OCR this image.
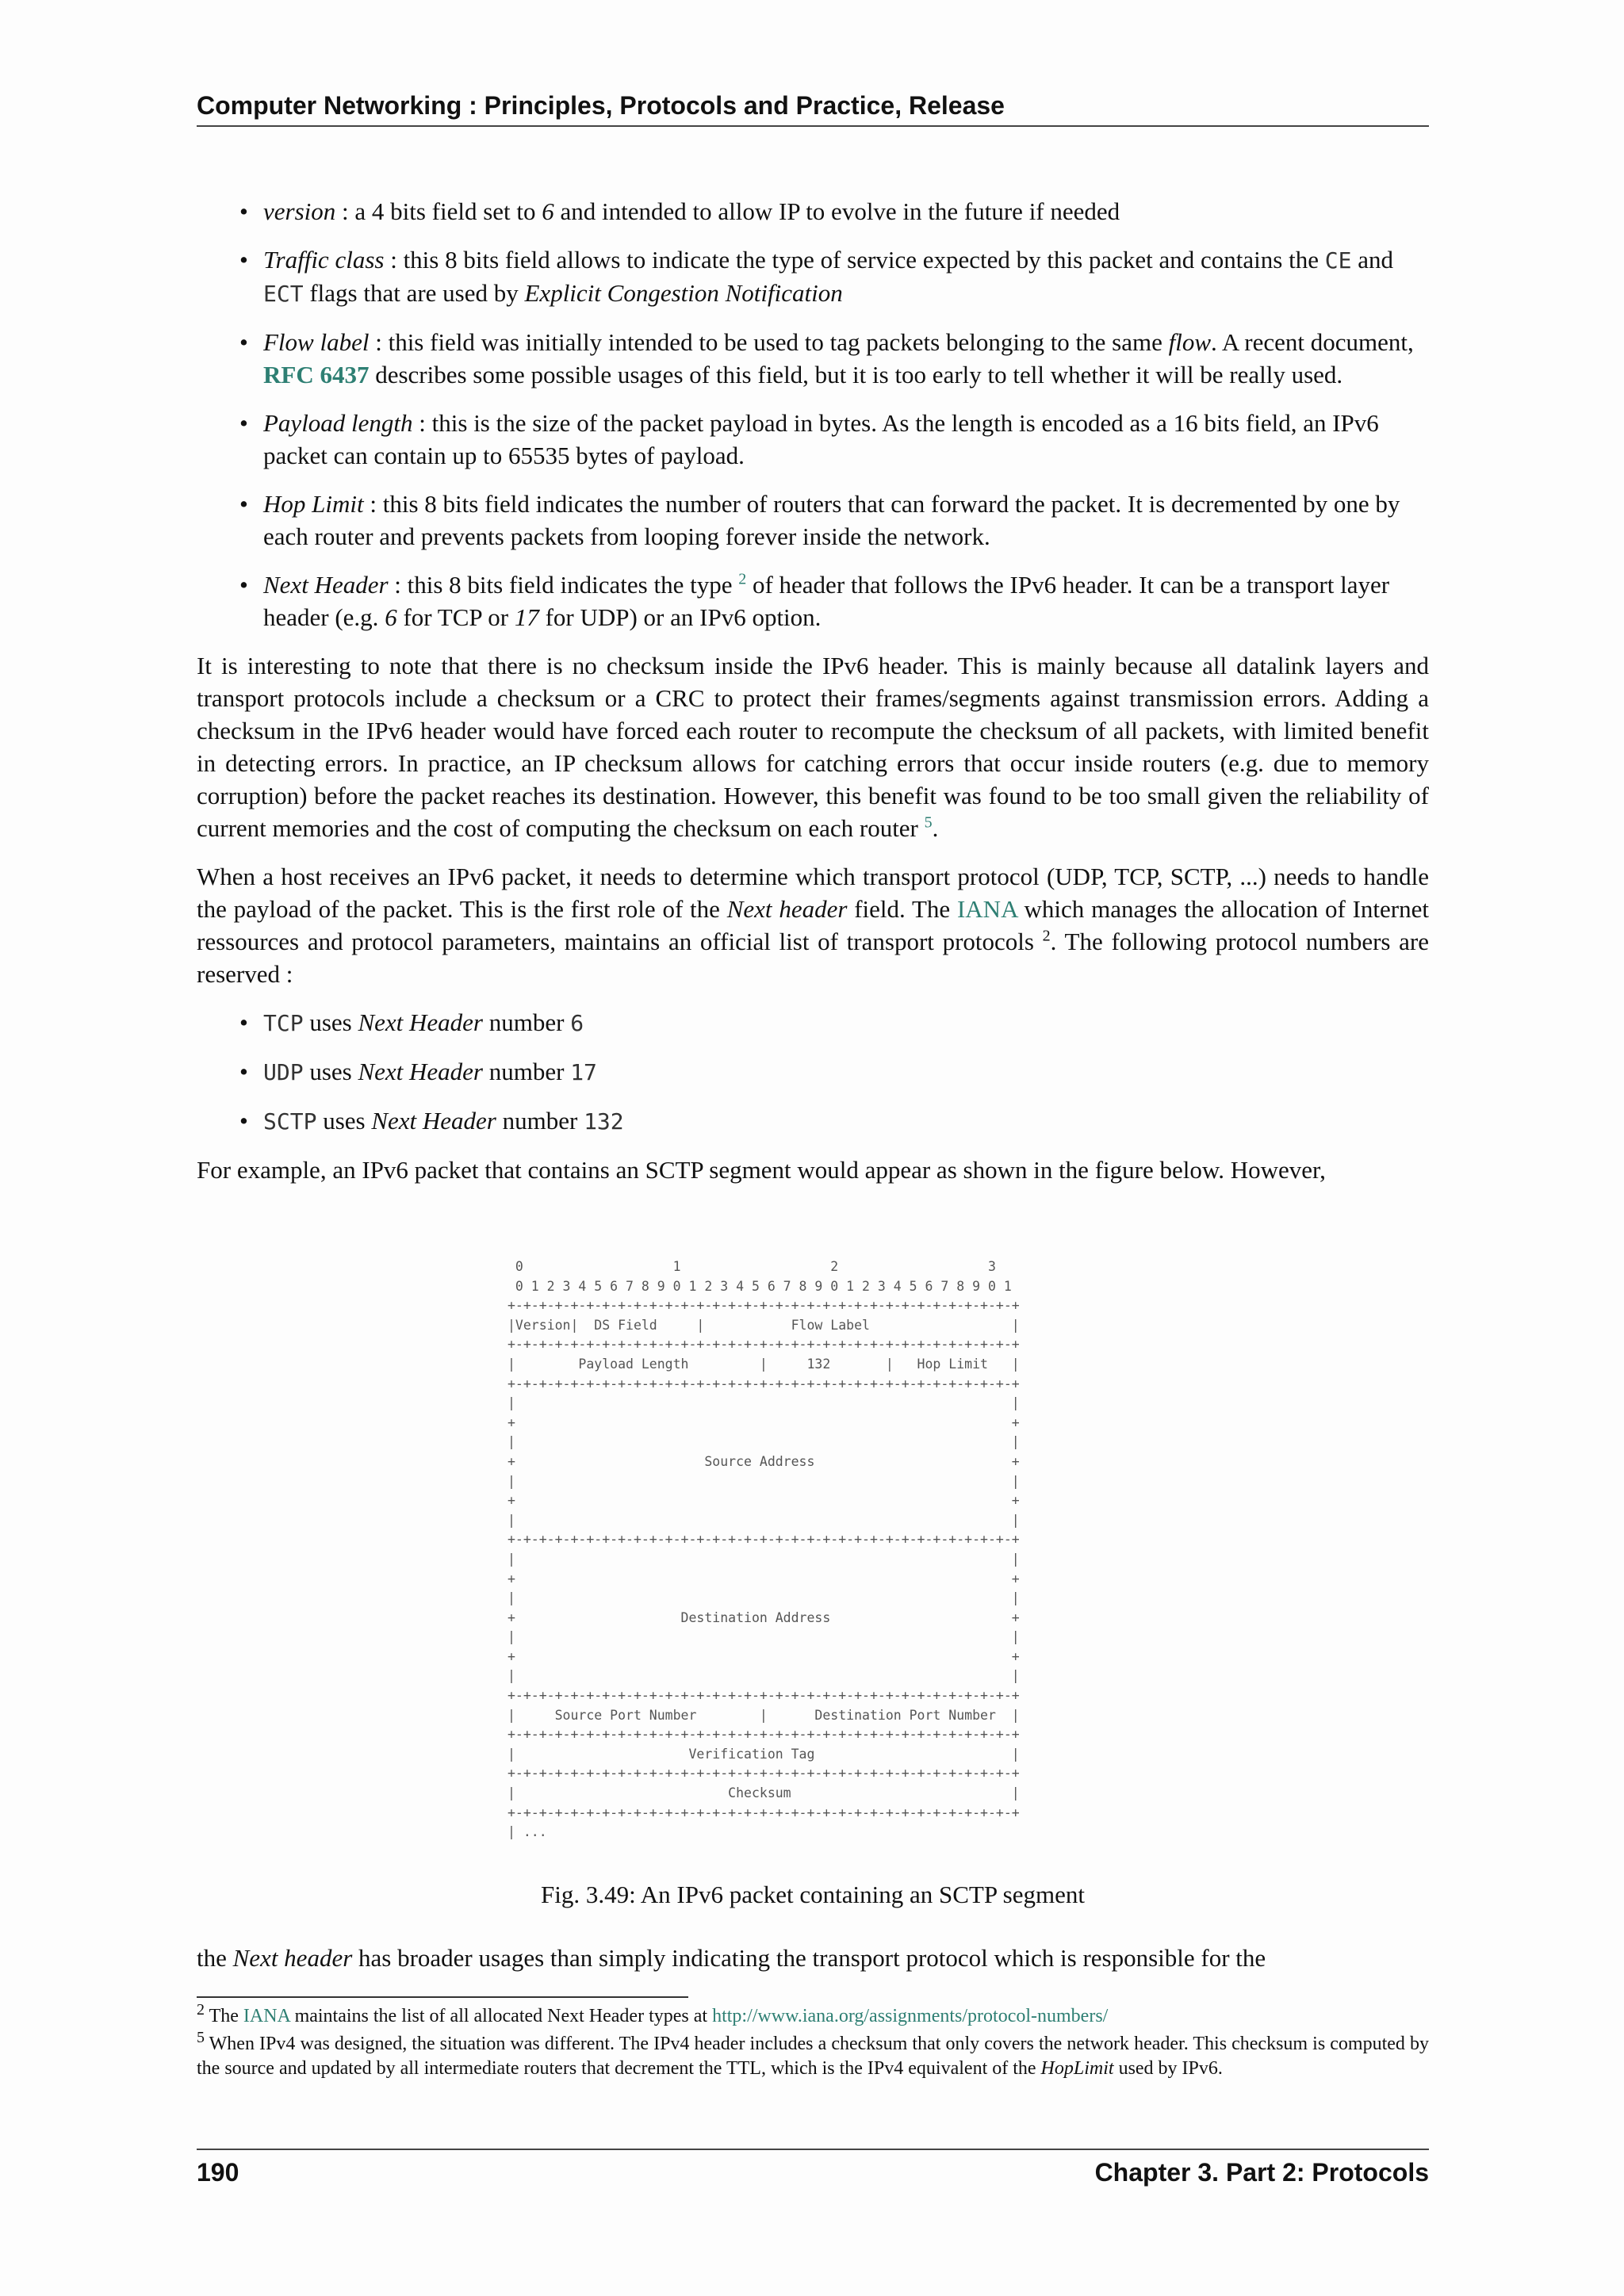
Computer Networking : Principles, Protocols and Practice, Release
• version : a 4 bits field set to 6 and intended to allow IP to evolve in the future if needed
• Traffic class : this 8 bits field allows to indicate the type of service expected by this packet and contains the CE and ECT flags that are used by Explicit Congestion Notification
• Flow label : this field was initially intended to be used to tag packets belonging to the same flow. A recent document, RFC 6437 describes some possible usages of this field, but it is too early to tell whether it will be really used.
• Payload length : this is the size of the packet payload in bytes. As the length is encoded as a 16 bits field, an IPv6 packet can contain up to 65535 bytes of payload.
• Hop Limit : this 8 bits field indicates the number of routers that can forward the packet. It is decremented by one by each router and prevents packets from looping forever inside the network.
• Next Header : this 8 bits field indicates the type $^2$ of header that follows the IPv6 header. It can be a transport layer header (e.g. 6 for TCP or 17 for UDP) or an IPv6 option.

It is interesting to note that there is no checksum inside the IPv6 header. This is mainly because all datalink layers and transport protocols include a checksum or a CRC to protect their frames/segments against transmission errors. Adding a checksum in the IPv6 header would have forced each router to recompute the checksum of all packets, with limited benefit in detecting errors. In practice, an IP checksum allows for catching errors that occur inside routers (e.g. due to memory corruption) before the packet reaches its destination. However, this benefit was found to be too small given the reliability of current memories and the cost of computing the checksum on each router $^5$.

When a host receives an IPv6 packet, it needs to determine which transport protocol (UDP, TCP, SCTP, ...) needs to handle the payload of the packet. This is the first role of the Next header field. The IANA which manages the allocation of Internet ressources and protocol parameters, maintains an official list of transport protocols $^2$. The following protocol numbers are reserved :

• TCP uses Next Header number 6
• UDP uses Next Header number 17
• SCTP uses Next Header number 132

For example, an IPv6 packet that contains an SCTP segment would appear as shown in the figure below. However,

0                   1                   2                   3
0 1 2 3 4 5 6 7 8 9 0 1 2 3 4 5 6 7 8 9 0 1 2 3 4 5 6 7 8 9 0 1
+-+-+-+-+-+-+-+-+-+-+-+-+-+-+-+-+-+-+-+-+-+-+-+-+-+-+-+-+-+-+-+-+
|Version|  DS Field     |           Flow Label                  |
+-+-+-+-+-+-+-+-+-+-+-+-+-+-+-+-+-+-+-+-+-+-+-+-+-+-+-+-+-+-+-+-+
|        Payload Length         |     132       |   Hop Limit   |
+-+-+-+-+-+-+-+-+-+-+-+-+-+-+-+-+-+-+-+-+-+-+-+-+-+-+-+-+-+-+-+-+
|                                                               |
+                                                               +
|                                                               |
+                        Source Address                         +
|                                                               |
+                                                               +
|                                                               |
+-+-+-+-+-+-+-+-+-+-+-+-+-+-+-+-+-+-+-+-+-+-+-+-+-+-+-+-+-+-+-+-+
|                                                               |
+                                                               +
|                                                               |
+                     Destination Address                       +
|                                                               |
+                                                               +
|                                                               |
+-+-+-+-+-+-+-+-+-+-+-+-+-+-+-+-+-+-+-+-+-+-+-+-+-+-+-+-+-+-+-+-+
|     Source Port Number        |      Destination Port Number  |
+-+-+-+-+-+-+-+-+-+-+-+-+-+-+-+-+-+-+-+-+-+-+-+-+-+-+-+-+-+-+-+-+
|                      Verification Tag                         |
+-+-+-+-+-+-+-+-+-+-+-+-+-+-+-+-+-+-+-+-+-+-+-+-+-+-+-+-+-+-+-+-+
|                           Checksum                            |
+-+-+-+-+-+-+-+-+-+-+-+-+-+-+-+-+-+-+-+-+-+-+-+-+-+-+-+-+-+-+-+-+
| ...
Fig. 3.49: An IPv6 packet containing an SCTP segment
the Next header has broader usages than simply indicating the transport protocol which is responsible for the

$^2$ The IANA maintains the list of all allocated Next Header types at http://www.iana.org/assignments/protocol-numbers/

$^5$ When IPv4 was designed, the situation was different. The IPv4 header includes a checksum that only covers the network header. This checksum is computed by the source and updated by all intermediate routers that decrement the TTL, which is the IPv4 equivalent of the HopLimit used by IPv6.

190	Chapter 3. Part 2: Protocols
